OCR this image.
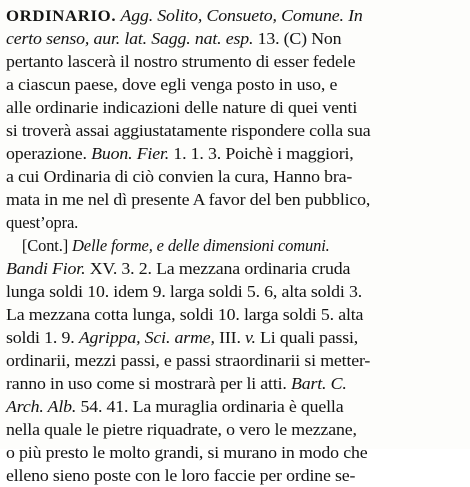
ORDINARIO. Agg. Solito, Consueto, Comune. In
certo senso, aur. lat. Sagg. nat. esp. 13. (C) Non
pertanto lascerà il nostro strumento di esser fedele
a ciascun paese, dove egli venga posto in uso, e
alle ordinarie indicazioni delle nature di quei venti
si troverà assai aggiustatamente rispondere colla sua
operazione. Buon. Fier. 1. 1. 3. Poichè i maggiori,
a cui Ordinaria di ciò convien la cura, Hanno bra-
mata in me nel dì presente A favor del ben pubblico,
quest’opra.
[Cont.] Delle forme, e delle dimensioni comuni.
Bandi Fior. XV. 3. 2. La mezzana ordinaria cruda
lunga soldi 10. idem 9. larga soldi 5. 6, alta soldi 3.
La mezzana cotta lunga, soldi 10. larga soldi 5. alta
soldi 1. 9. Agrippa, Sci. arme, III. v. Li quali passi,
ordinarii, mezzi passi, e passi straordinarii si metter-
ranno in uso come si mostrarà per li atti. Bart. C.
Arch. Alb. 54. 41. La muraglia ordinaria è quella
nella quale le pietre riquadrate, o vero le mezzane,
o più presto le molto grandi, si murano in modo che
elleno sieno poste con le loro faccie per ordine se-
